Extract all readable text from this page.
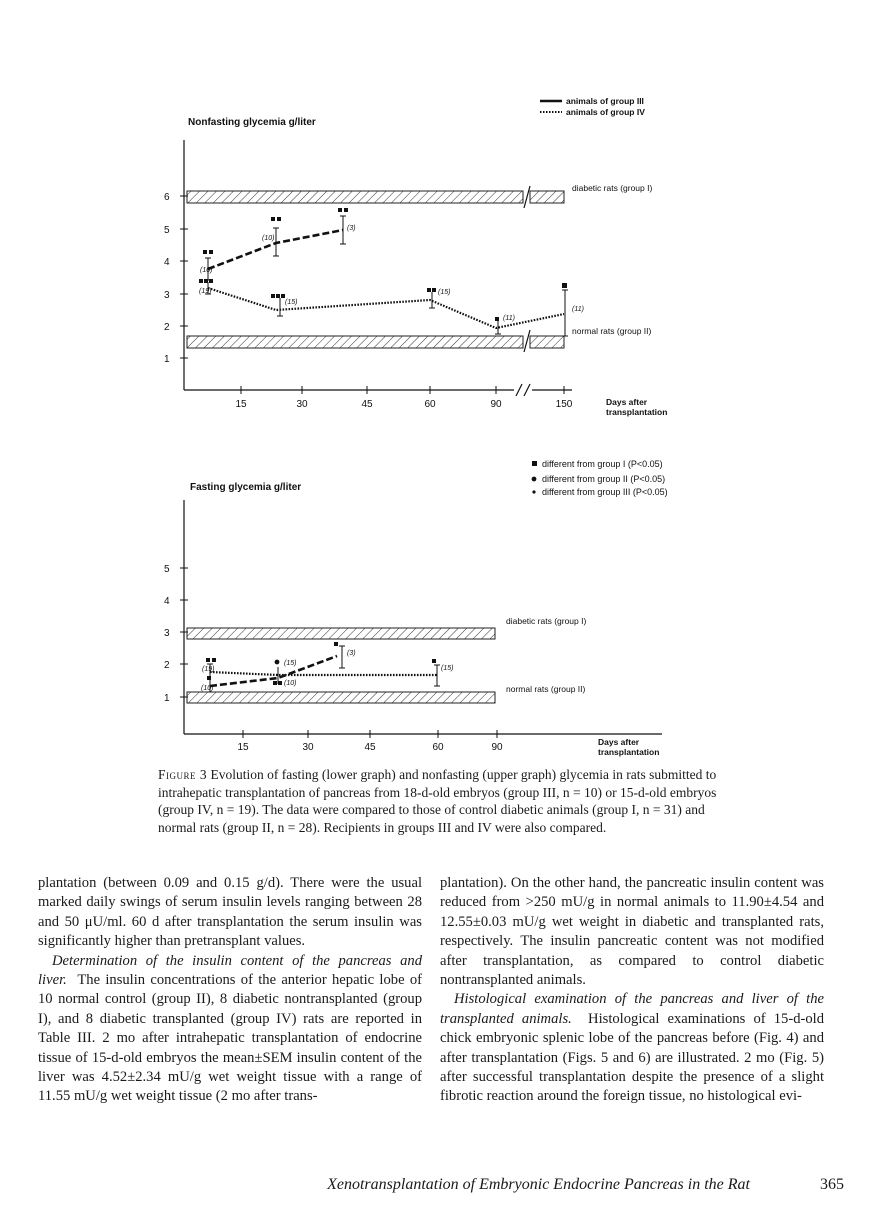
Nonfasting glycemia g/liter
animals of group III
animals of group IV
6
5
4
3
2
1
15	30	45	60	90	150	Days after transplantation
diabetic rats (group I)
normal rats (group II)
(10)
(10)
(3)
(19)
(15)
(15)
(11)
(11)
Fasting glycemia g/liter
different from group I (P<0.05)
different from group II (P<0.05)
different from group III (P<0.05)
5
4
3
2
1
15	30	45	60	90	Days after transplantation
diabetic rats (group I)
normal rats (group II)
(19)
(15)
(15)
(10)
(10)
(3)
Figure 3 Evolution of fasting (lower graph) and nonfasting (upper graph) glycemia in rats submitted to intrahepatic transplantation of pancreas from 18-d-old embryos (group III, n = 10) or 15-d-old embryos (group IV, n = 19). The data were compared to those of control diabetic animals (group I, n = 31) and normal rats (group II, n = 28). Recipients in groups III and IV were also compared.

plantation (between 0.09 and 0.15 g/d). There were the usual marked daily swings of serum insulin levels ranging between 28 and 50 μU/ml. 60 d after transplantation the serum insulin was significantly higher than pretransplant values.

Determination of the insulin content of the pancreas and liver. The insulin concentrations of the anterior hepatic lobe of 10 normal control (group II), 8 diabetic nontransplanted (group I), and 8 diabetic transplanted (group IV) rats are reported in Table III. 2 mo after intrahepatic transplantation of endocrine tissue of 15-d-old embryos the mean±SEM insulin content of the liver was 4.52±2.34 mU/g wet weight tissue with a range of 11.55 mU/g wet weight tissue (2 mo after trans-

plantation). On the other hand, the pancreatic insulin content was reduced from >250 mU/g in normal animals to 11.90±4.54 and 12.55±0.03 mU/g wet weight in diabetic and transplanted rats, respectively. The insulin pancreatic content was not modified after transplantation, as compared to control diabetic nontransplanted animals.

Histological examination of the pancreas and liver of the transplanted animals. Histological examinations of 15-d-old chick embryonic splenic lobe of the pancreas before (Fig. 4) and after transplantation (Figs. 5 and 6) are illustrated. 2 mo (Fig. 5) after successful transplantation despite the presence of a slight fibrotic reaction around the foreign tissue, no histological evi-

Xenotransplantation of Embryonic Endocrine Pancreas in the Rat	365
